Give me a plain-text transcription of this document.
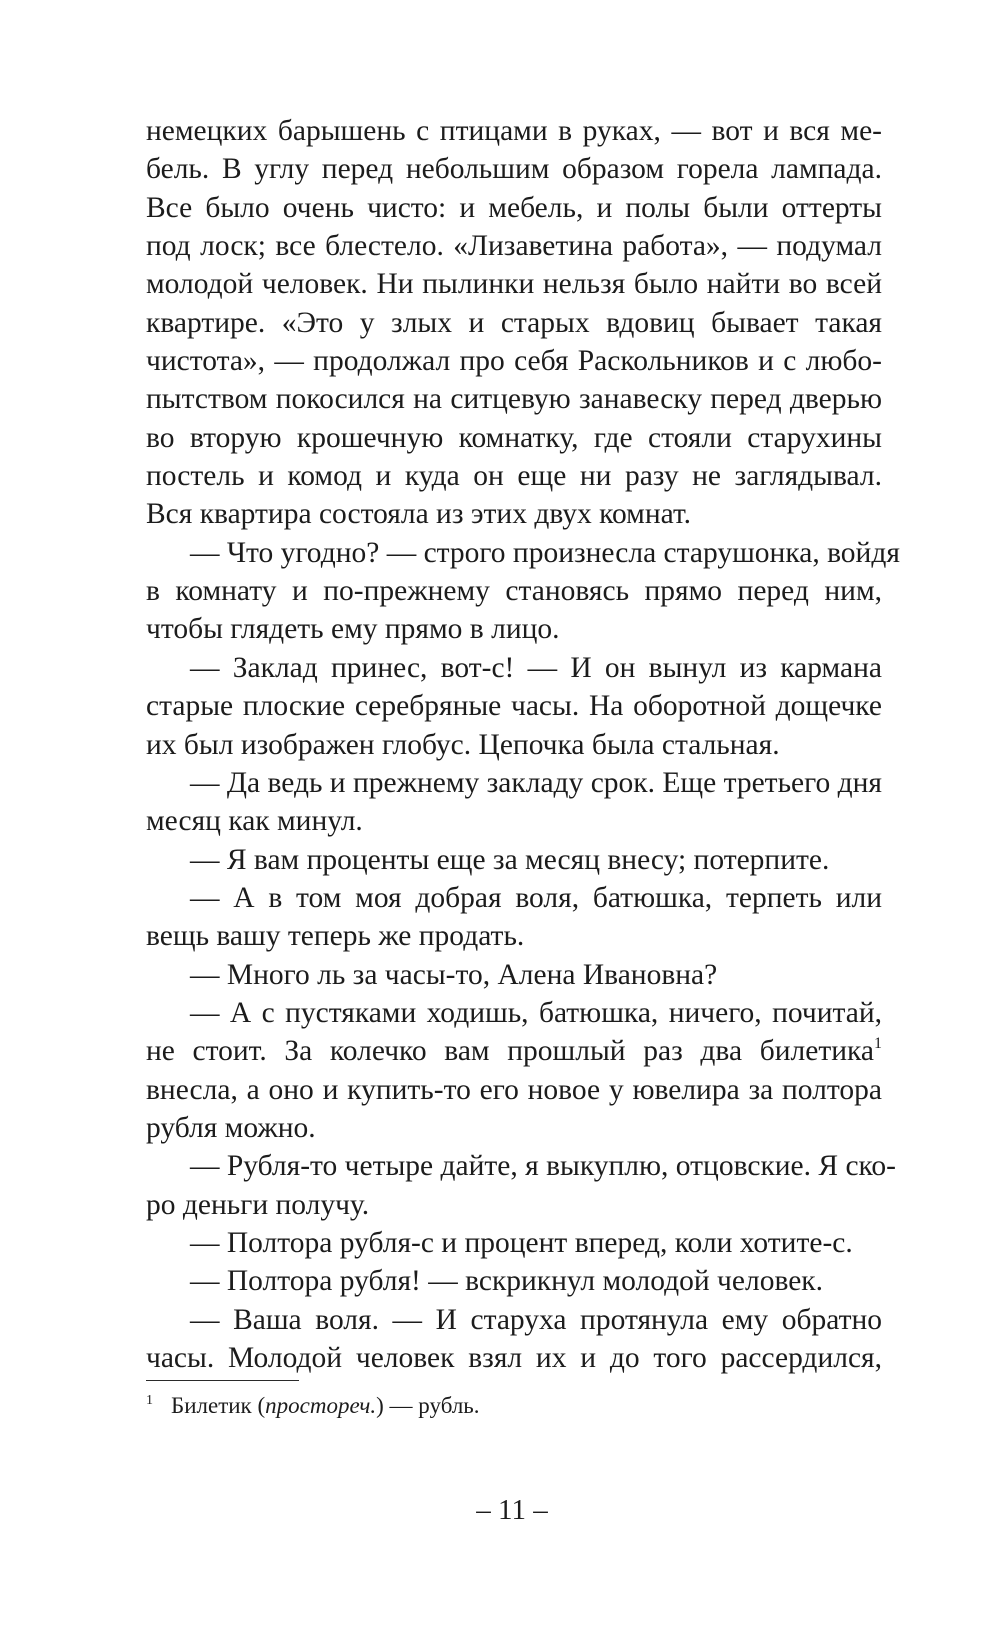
немецких барышень с птицами в руках, — вот и вся ме-
бель. В углу перед небольшим образом горела лампада.
Все было очень чисто: и мебель, и полы были оттерты
под лоск; все блестело. «Лизаветина работа», — подумал
молодой человек. Ни пылинки нельзя было найти во всей
квартире. «Это у злых и старых вдовиц бывает такая
чистота», — продолжал про себя Раскольников и с любо-
пытством покосился на ситцевую занавеску перед дверью
во вторую крошечную комнатку, где стояли старухины
постель и комод и куда он еще ни разу не заглядывал.
Вся квартира состояла из этих двух комнат.
— Что угодно? — строго произнесла старушонка, войдя
в комнату и по-прежнему становясь прямо перед ним,
чтобы глядеть ему прямо в лицо.
— Заклад принес, вот-с! — И он вынул из кармана
старые плоские серебряные часы. На оборотной дощечке
их был изображен глобус. Цепочка была стальная.
— Да ведь и прежнему закладу срок. Еще третьего дня
месяц как минул.
— Я вам проценты еще за месяц внесу; потерпите.
— А в том моя добрая воля, батюшка, терпеть или
вещь вашу теперь же продать.
— Много ль за часы-то, Алена Ивановна?
— А с пустяками ходишь, батюшка, ничего, почитай,
не стоит. За колечко вам прошлый раз два билетика$^1$
внесла, а оно и купить-то его новое у ювелира за полтора
рубля можно.
— Рубля-то четыре дайте, я выкуплю, отцовские. Я ско-
ро деньги получу.
— Полтора рубля-с и процент вперед, коли хотите-с.
— Полтора рубля! — вскрикнул молодой человек.
— Ваша воля. — И старуха протянула ему обратно
часы. Молодой человек взял их и до того рассердился,
$^1$ Билетик (простореч.) — рубль.
– 11 –
